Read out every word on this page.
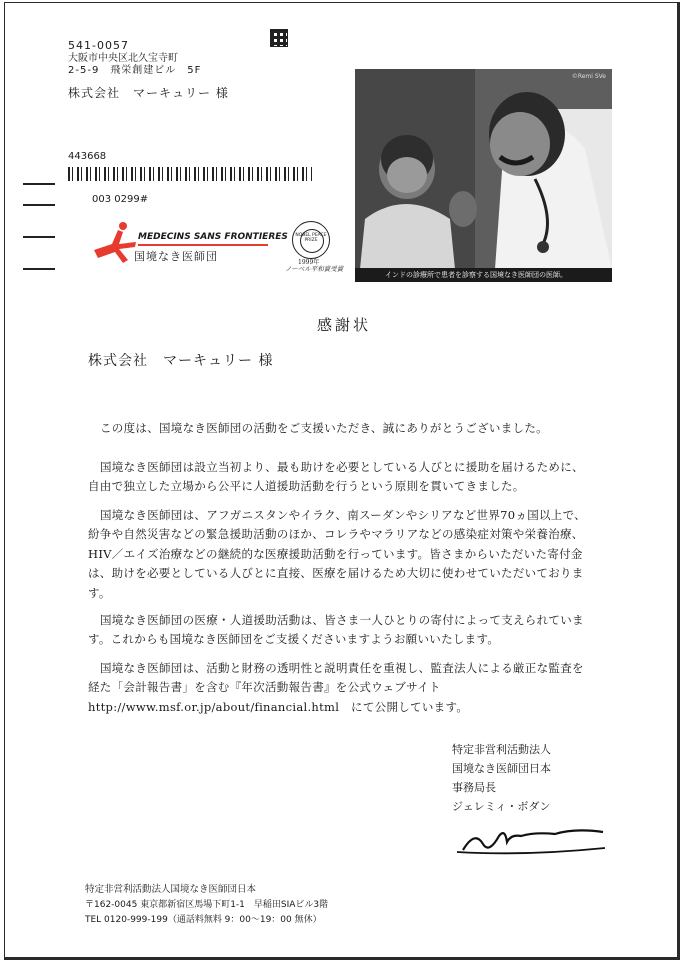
541-0057
大阪市中央区北久宝寺町
2-5-9　飛栄創建ビル　5F
株式会社　マーキュリー 様
443668
003 0299#
MEDECINS SANS FRONTIERES
国境なき医師団
NOBEL PEACE PRIZE
1999年
ノーベル平和賞受賞
©Remi SVe
インドの診療所で患者を診察する国境なき医師団の医師。
感謝状
株式会社　マーキュリー 様

この度は、国境なき医師団の活動をご支援いただき、誠にありがとうございました。

国境なき医師団は設立当初より、最も助けを必要としている人びとに援助を届けるために、自由で独立した立場から公平に人道援助活動を行うという原則を貫いてきました。

国境なき医師団は、アフガニスタンやイラク、南スーダンやシリアなど世界70ヵ国以上で、紛争や自然災害などの緊急援助活動のほか、コレラやマラリアなどの感染症対策や栄養治療、HIV／エイズ治療などの継続的な医療援助活動を行っています。皆さまからいただいた寄付金は、助けを必要としている人びとに直接、医療を届けるため大切に使わせていただいております。

国境なき医師団の医療・人道援助活動は、皆さま一人ひとりの寄付によって支えられています。これからも国境なき医師団をご支援くださいますようお願いいたします。

国境なき医師団は、活動と財務の透明性と説明責任を重視し、監査法人による厳正な監査を経た「会計報告書」を含む『年次活動報告書』を公式ウェブサイト　http://www.msf.or.jp/about/financial.html　にて公開しています。

特定非営利活動法人
国境なき医師団日本
事務局長
ジェレミィ・ボダン
特定非営利活動法人国境なき医師団日本
〒162-0045 東京都新宿区馬場下町1-1　早稲田SIAビル3階
TEL 0120-999-199（通話料無料 9：00～19：00 無休）
